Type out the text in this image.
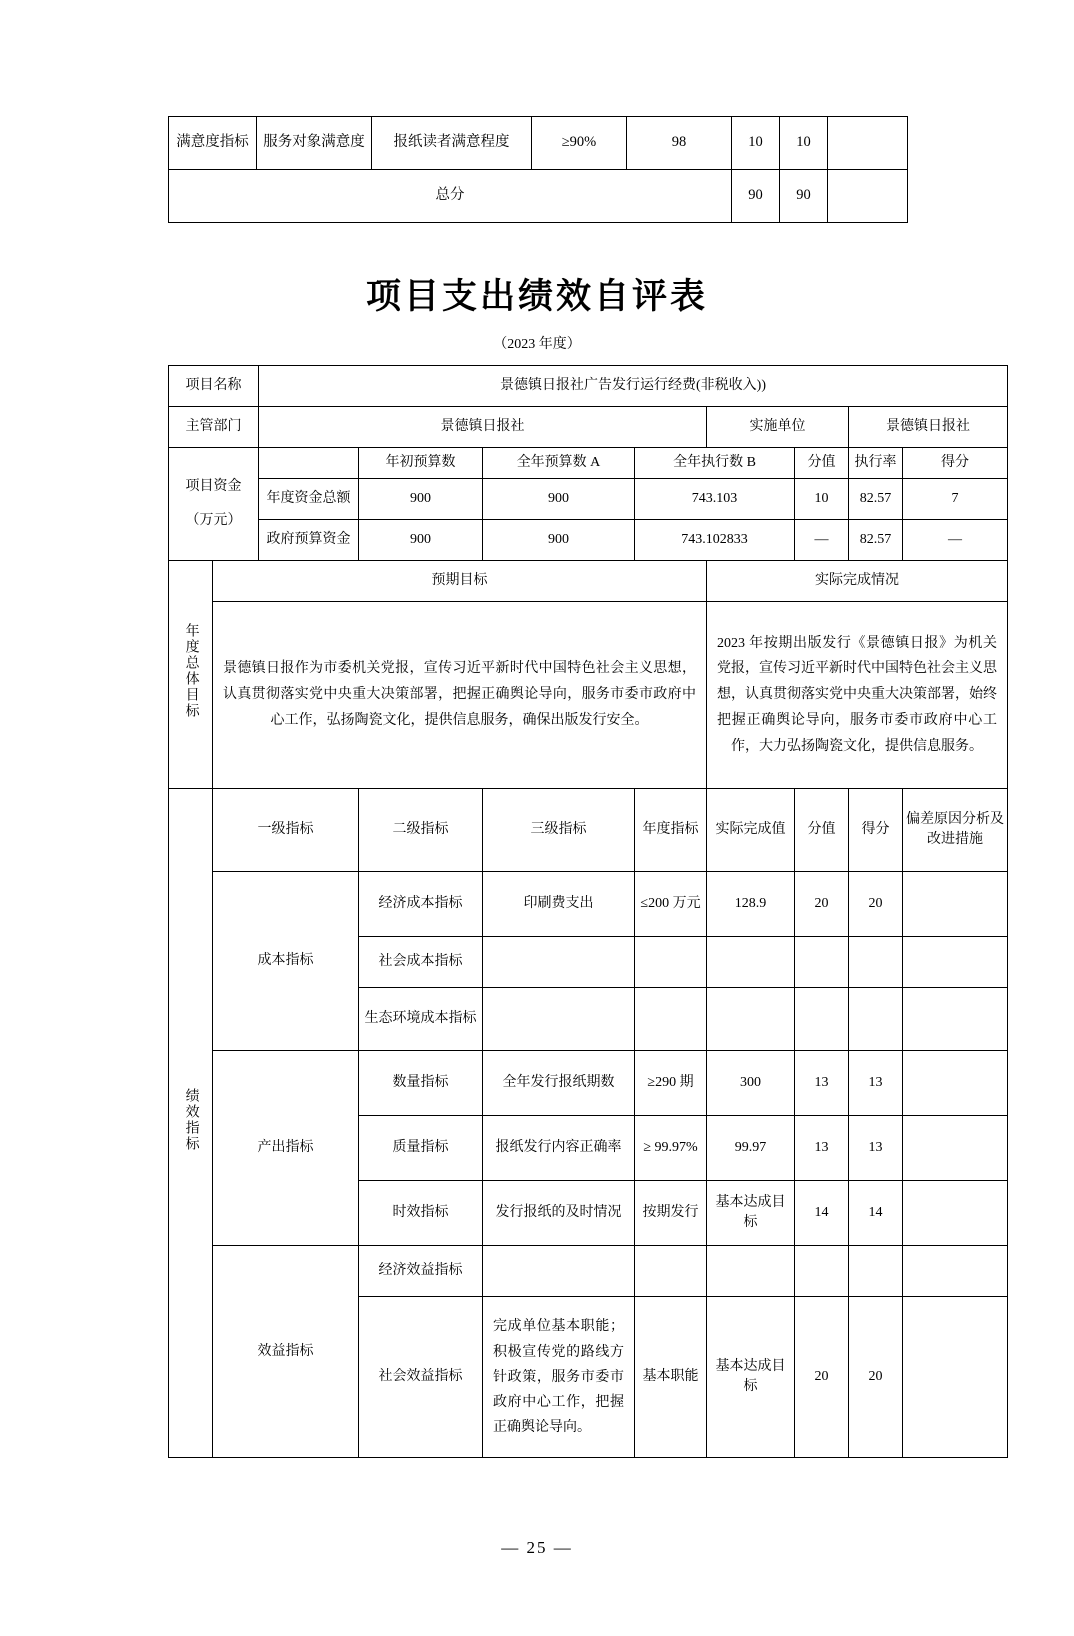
满意度指标	服务对象满意度	报纸读者满意程度	≥90%	98	10	10	
总分					90	90	
项目支出绩效自评表
（2023 年度）
项目名称		景德镇日报社广告发行运行经费(非税收入))							
主管部门		景德镇日报社				实施单位		景德镇日报社	

项目资金
（万元）			年初预算数	全年预算数 A	全年执行数 B		分值	执行率	得分
		年度资金总额	900	900	743.103		10	82.57	7
		政府预算资金	900	900	743.102833		—	82.57	—
年度总体目标	预期目标					实际完成情况			
	景德镇日报作为市委机关党报，宣传习近平新时代中国特色社会主义思想，认真贯彻落实党中央重大决策部署，把握正确舆论导向，服务市委市政府中心工作，弘扬陶瓷文化，提供信息服务，确保出版发行安全。					2023 年按期出版发行《景德镇日报》为机关党报，宣传习近平新时代中国特色社会主义思想，认真贯彻落实党中央重大决策部署，始终把握正确舆论导向，服务市委市政府中心工作，大力弘扬陶瓷文化，提供信息服务。			
绩效指标	一级指标		二级指标	三级指标	年度指标	实际完成值	分值	得分	偏差原因分析及改进措施
	成本指标		经济成本指标	印刷费支出	≤200 万元	128.9	20	20	
			社会成本指标						
			生态环境成本指标						
	产出指标		数量指标	全年发行报纸期数	≥290 期	300	13	13	
			质量指标	报纸发行内容正确率	≥ 99.97%	99.97	13	13	
			时效指标	发行报纸的及时情况	按期发行	基本达成目标	14	14	
	效益指标		经济效益指标						
			社会效益指标	完成单位基本职能；积极宣传党的路线方针政策，服务市委市政府中心工作，把握正确舆论导向。	基本职能	基本达成目标	20	20	
— 25 —
